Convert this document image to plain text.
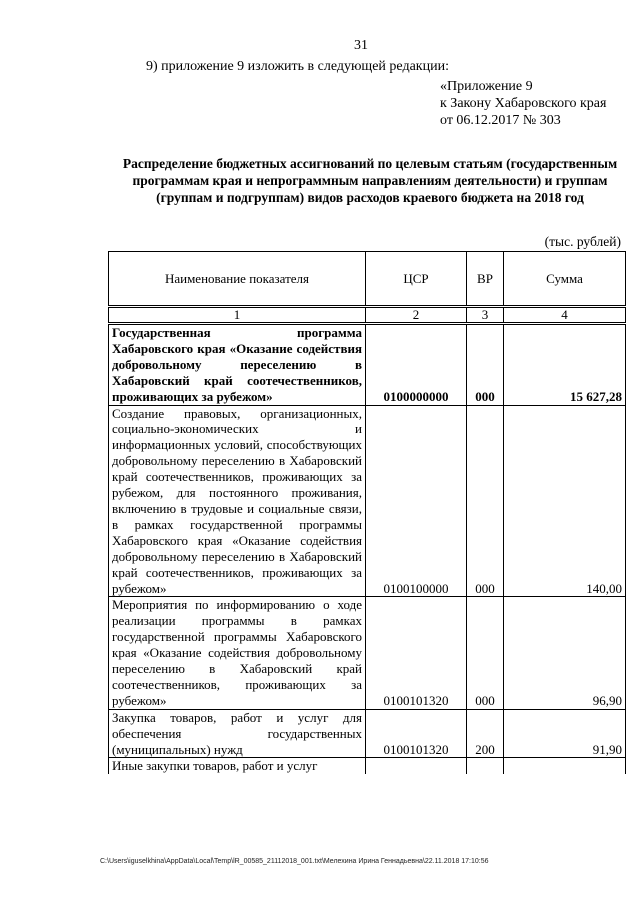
31
9) приложение 9 изложить в следующей редакции:
«Приложение 9
к Закону Хабаровского края
от 06.12.2017 № 303
Распределение бюджетных ассигнований по целевым статьям (государственным программам края и непрограммным направлениям деятельности) и группам (группам и подгруппам) видов расходов краевого бюджета на 2018 год
(тыс. рублей)
Наименование показателя	ЦСР	ВР	Сумма
1	2	3	4
Государственная программа Хабаровского края «Оказание содействия добровольному переселению в Хабаровский край соотечественников, проживающих за рубежом»	0100000000	000	15 627,28
Создание правовых, организационных, социально-экономических и информационных условий, способствующих добровольному переселению в Хабаровский край соотечественников, проживающих за рубежом, для постоянного проживания, включению в трудовые и социальные связи, в рамках государственной программы Хабаровского края «Оказание содействия добровольному переселению в Хабаровский край соотечественников, проживающих за рубежом»	0100100000	000	140,00
Мероприятия по информированию о ходе реализации программы в рамках государственной программы Хабаровского края «Оказание содействия добровольному переселению в Хабаровский край соотечественников, проживающих за рубежом»	0100101320	000	96,90
Закупка товаров, работ и услуг для обеспечения государственных (муниципальных) нужд	0100101320	200	91,90
Иные закупки товаров, работ и услуг			
C:\Users\iguselkhina\AppData\Local\Temp\lR_00585_21112018_001.txt\Мелехина Ирина Геннадьевна\22.11.2018 17:10:56
